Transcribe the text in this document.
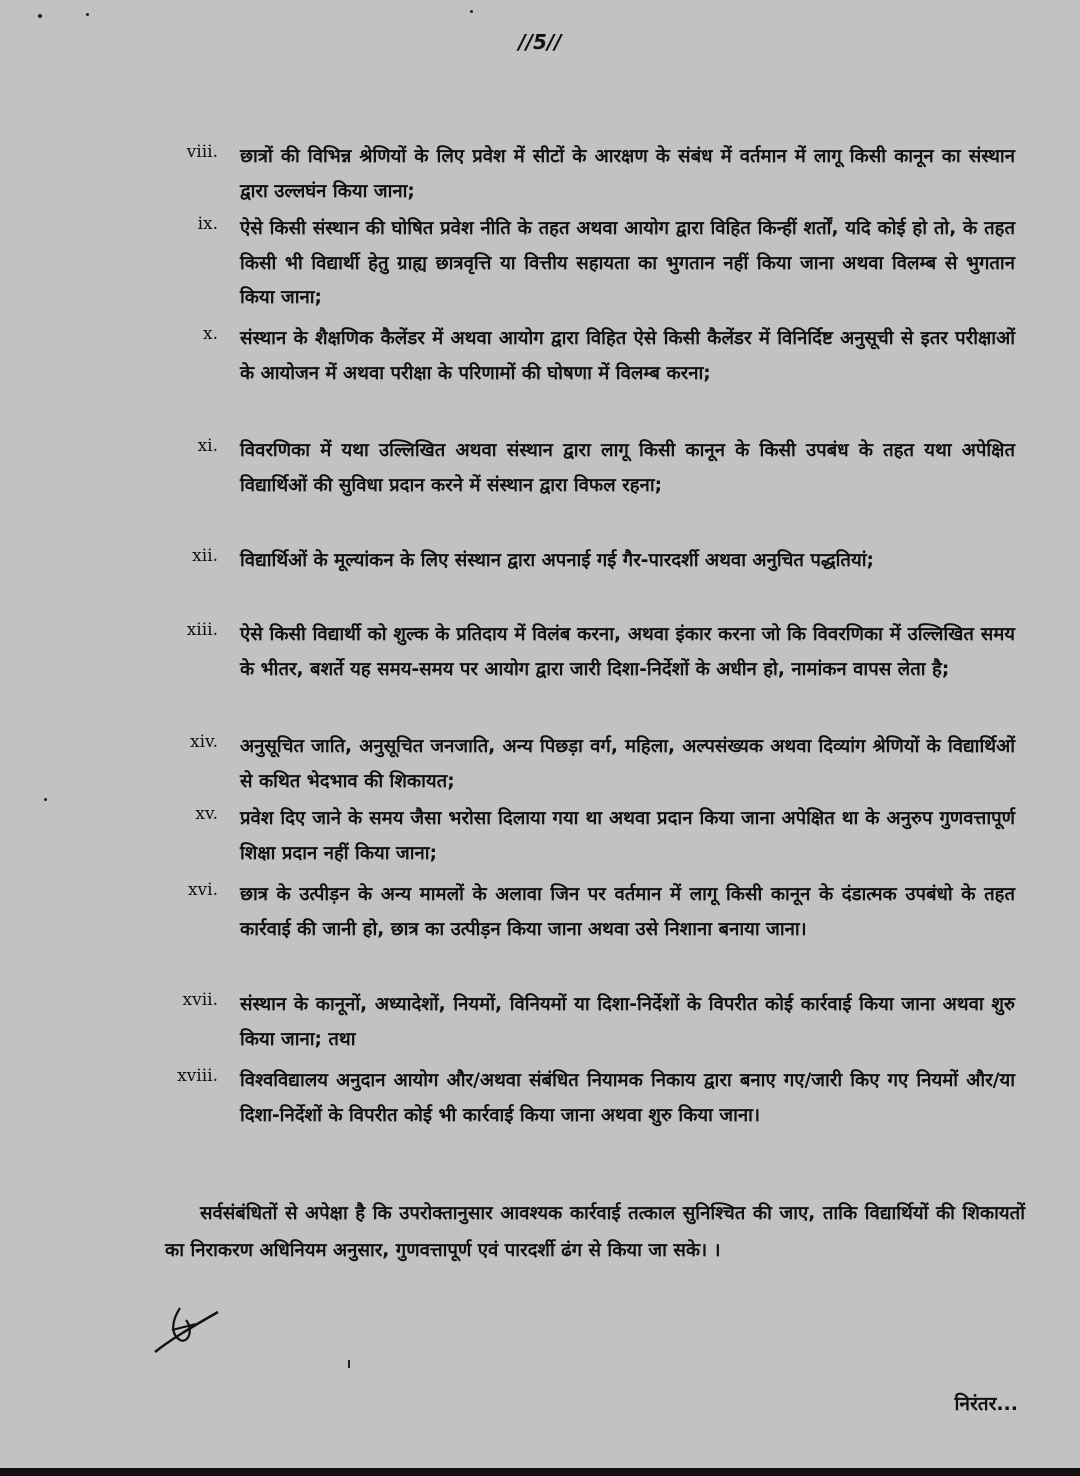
//5//
viii. छात्रों की विभिन्न श्रेणियों के लिए प्रवेश में सीटों के आरक्षण के संबंध में वर्तमान में लागू किसी कानून का संस्थान द्वारा उल्लघंन किया जाना;
ix. ऐसे किसी संस्थान की घोषित प्रवेश नीति के तहत अथवा आयोग द्वारा विहित किन्हीं शर्तों, यदि कोई हो तो, के तहत किसी भी विद्यार्थी हेतु ग्राह्य छात्रवृत्ति या वित्तीय सहायता का भुगतान नहीं किया जाना अथवा विलम्ब से भुगतान किया जाना;
x. संस्थान के शैक्षणिक कैलेंडर में अथवा आयोग द्वारा विहित ऐसे किसी कैलेंडर में विनिर्दिष्ट अनुसूची से इतर परीक्षाओं के आयोजन में अथवा परीक्षा के परिणामों की घोषणा में विलम्ब करना;
xi. विवरणिका में यथा उल्लिखित अथवा संस्थान द्वारा लागू किसी कानून के किसी उपबंध के तहत यथा अपेक्षित विद्यार्थिओं की सुविधा प्रदान करने में संस्थान द्वारा विफल रहना;
xii. विद्यार्थिओं के मूल्यांकन के लिए संस्थान द्वारा अपनाई गई गैर-पारदर्शी अथवा अनुचित पद्धतियां;
xiii. ऐसे किसी विद्यार्थी को शुल्क के प्रतिदाय में विलंब करना, अथवा इंकार करना जो कि विवरणिका में उल्लिखित समय के भीतर, बशर्ते यह समय-समय पर आयोग द्वारा जारी दिशा-निर्देशों के अधीन हो, नामांकन वापस लेता है;
xiv. अनुसूचित जाति, अनुसूचित जनजाति, अन्य पिछड़ा वर्ग, महिला, अल्पसंख्यक अथवा दिव्यांग श्रेणियों के विद्यार्थिओं से कथित भेदभाव की शिकायत;
xv. प्रवेश दिए जाने के समय जैसा भरोसा दिलाया गया था अथवा प्रदान किया जाना अपेक्षित था के अनुरुप गुणवत्तापूर्ण शिक्षा प्रदान नहीं किया जाना;
xvi. छात्र के उत्पीड़न के अन्य मामलों के अलावा जिन पर वर्तमान में लागू किसी कानून के दंडात्मक उपबंधो के तहत कार्रवाई की जानी हो, छात्र का उत्पीड़न किया जाना अथवा उसे निशाना बनाया जाना।
xvii. संस्थान के कानूनों, अध्यादेशों, नियमों, विनियमों या दिशा-निर्देशों के विपरीत कोई कार्रवाई किया जाना अथवा शुरु किया जाना; तथा
xviii. विश्वविद्यालय अनुदान आयोग और/अथवा संबंधित नियामक निकाय द्वारा बनाए गए/जारी किए गए नियमों और/या दिशा-निर्देशों के विपरीत कोई भी कार्रवाई किया जाना अथवा शुरु किया जाना।
सर्वसंबंधितों से अपेक्षा है कि उपरोक्तानुसार आवश्यक कार्रवाई तत्काल सुनिश्चित की जाए, ताकि विद्यार्थियों की शिकायतों का निराकरण अधिनियम अनुसार, गुणवत्तापूर्ण एवं पारदर्शी ढंग से किया जा सके। ।
निरंतर...
